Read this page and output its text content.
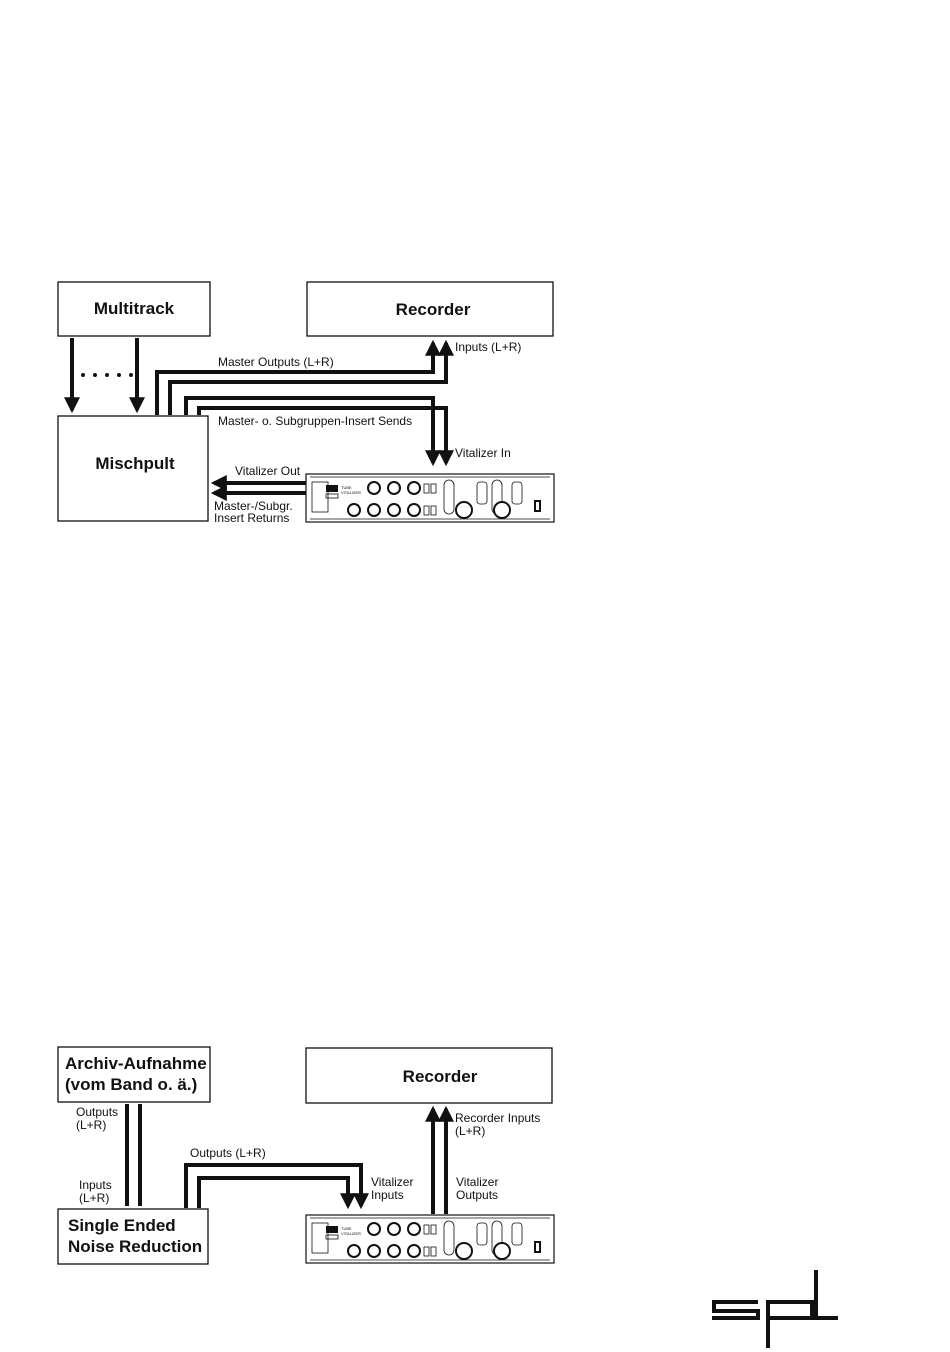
TUBE
VITALIZER
Multitrack	Recorder
Mischpult
Master Outputs (L+R)
Inputs (L+R)
Master- o. Subgruppen-Insert Sends
Vitalizer In
Vitalizer Out
Master-/Subgr.
Insert Returns
Archiv-Aufnahme
(vom Band o. ä.)	Recorder
Single Ended
Noise Reduction
Outputs
(L+R)
Inputs
(L+R)
Outputs (L+R)
Vitalizer
Inputs
Vitalizer
Outputs
Recorder Inputs
(L+R)
